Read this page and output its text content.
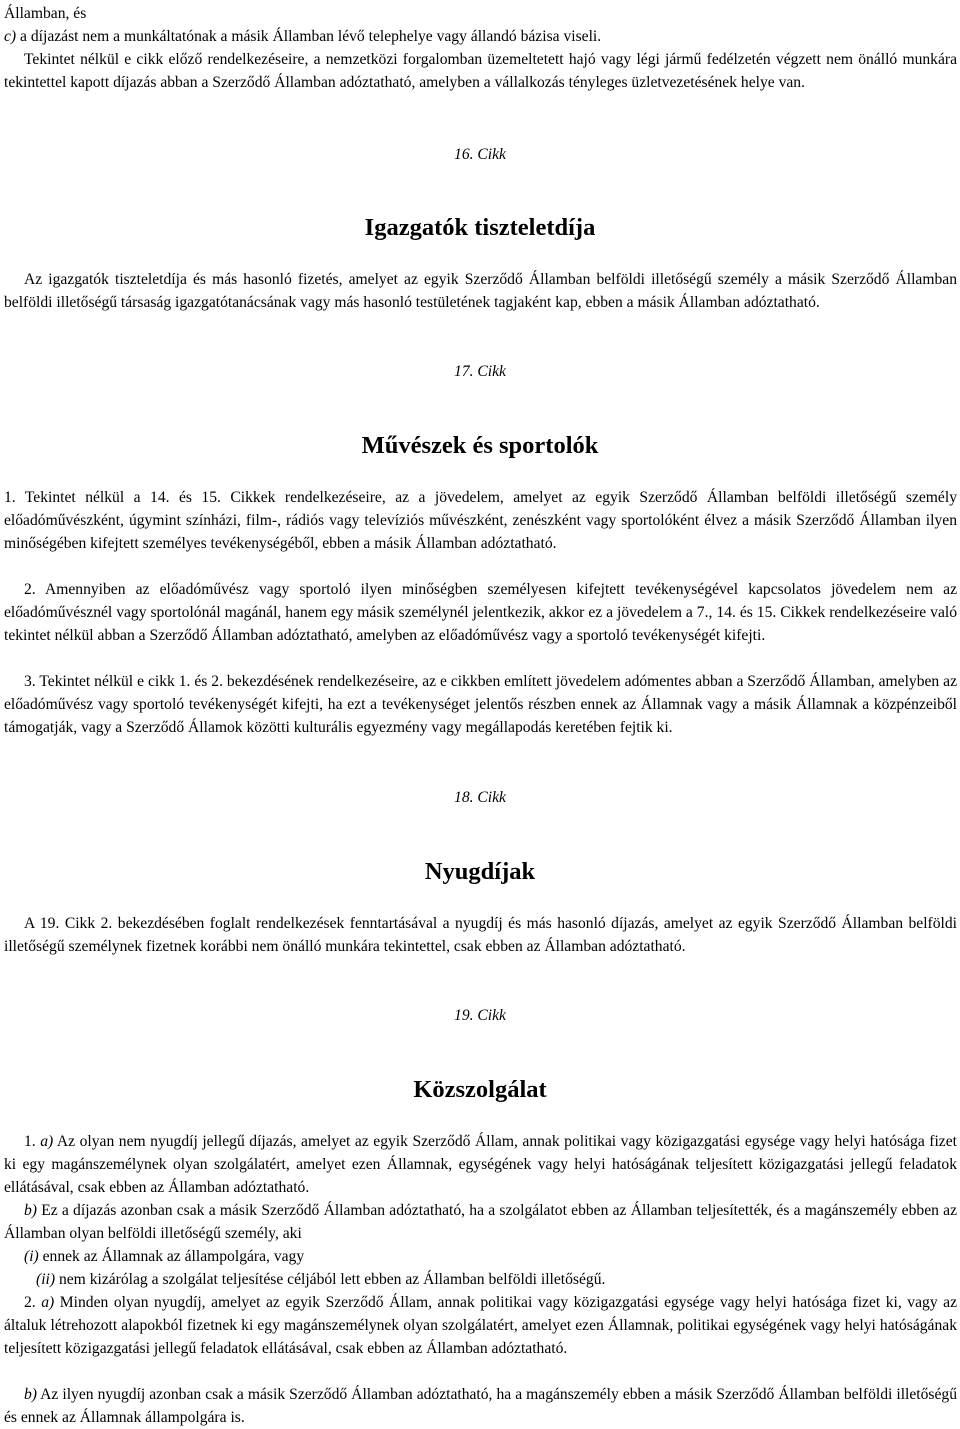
Államban, és
c) a díjazást nem a munkáltatónak a másik Államban lévő telephelye vagy állandó bázisa viseli.

Tekintet nélkül e cikk előző rendelkezéseire, a nemzetközi forgalomban üzemeltetett hajó vagy légi jármű fedélzetén végzett nem önálló munkára tekintettel kapott díjazás abban a Szerződő Államban adóztatható, amelyben a vállalkozás tényleges üzletvezetésének helye van.

16. Cikk

Igazgatók tiszteletdíja

Az igazgatók tiszteletdíja és más hasonló fizetés, amelyet az egyik Szerződő Államban belföldi illetőségű személy a másik Szerződő Államban belföldi illetőségű társaság igazgatótanácsának vagy más hasonló testületének tagjaként kap, ebben a másik Államban adóztatható.

17. Cikk

Művészek és sportolók

1. Tekintet nélkül a 14. és 15. Cikkek rendelkezéseire, az a jövedelem, amelyet az egyik Szerződő Államban belföldi illetőségű személy előadóművészként, úgymint színházi, film-, rádiós vagy televíziós művészként, zenészként vagy sportolóként élvez a másik Szerződő Államban ilyen minőségében kifejtett személyes tevékenységéből, ebben a másik Államban adóztatható.

2. Amennyiben az előadóművész vagy sportoló ilyen minőségben személyesen kifejtett tevékenységével kapcsolatos jövedelem nem az előadóművésznél vagy sportolónál magánál, hanem egy másik személynél jelentkezik, akkor ez a jövedelem a 7., 14. és 15. Cikkek rendelkezéseire való tekintet nélkül abban a Szerződő Államban adóztatható, amelyben az előadóművész vagy a sportoló tevékenységét kifejti.

3. Tekintet nélkül e cikk 1. és 2. bekezdésének rendelkezéseire, az e cikkben említett jövedelem adómentes abban a Szerződő Államban, amelyben az előadóművész vagy sportoló tevékenységét kifejti, ha ezt a tevékenységet jelentős részben ennek az Államnak vagy a másik Államnak a közpénzeiből támogatják, vagy a Szerződő Államok közötti kulturális egyezmény vagy megállapodás keretében fejtik ki.

18. Cikk

Nyugdíjak

A 19. Cikk 2. bekezdésében foglalt rendelkezések fenntartásával a nyugdíj és más hasonló díjazás, amelyet az egyik Szerződő Államban belföldi illetőségű személynek fizetnek korábbi nem önálló munkára tekintettel, csak ebben az Államban adóztatható.

19. Cikk

Közszolgálat

1. a) Az olyan nem nyugdíj jellegű díjazás, amelyet az egyik Szerződő Állam, annak politikai vagy közigazgatási egysége vagy helyi hatósága fizet ki egy magánszemélynek olyan szolgálatért, amelyet ezen Államnak, egységének vagy helyi hatóságának teljesített közigazgatási jellegű feladatok ellátásával, csak ebben az Államban adóztatható.

b) Ez a díjazás azonban csak a másik Szerződő Államban adóztatható, ha a szolgálatot ebben az Államban teljesítették, és a magánszemély ebben az Államban olyan belföldi illetőségű személy, aki

(i) ennek az Államnak az állampolgára, vagy

(ii) nem kizárólag a szolgálat teljesítése céljából lett ebben az Államban belföldi illetőségű.

2. a) Minden olyan nyugdíj, amelyet az egyik Szerződő Állam, annak politikai vagy közigazgatási egysége vagy helyi hatósága fizet ki, vagy az általuk létrehozott alapokból fizetnek ki egy magánszemélynek olyan szolgálatért, amelyet ezen Államnak, politikai egységének vagy helyi hatóságának teljesített közigazgatási jellegű feladatok ellátásával, csak ebben az Államban adóztatható.

b) Az ilyen nyugdíj azonban csak a másik Szerződő Államban adóztatható, ha a magánszemély ebben a másik Szerződő Államban belföldi illetőségű és ennek az Államnak állampolgára is.
